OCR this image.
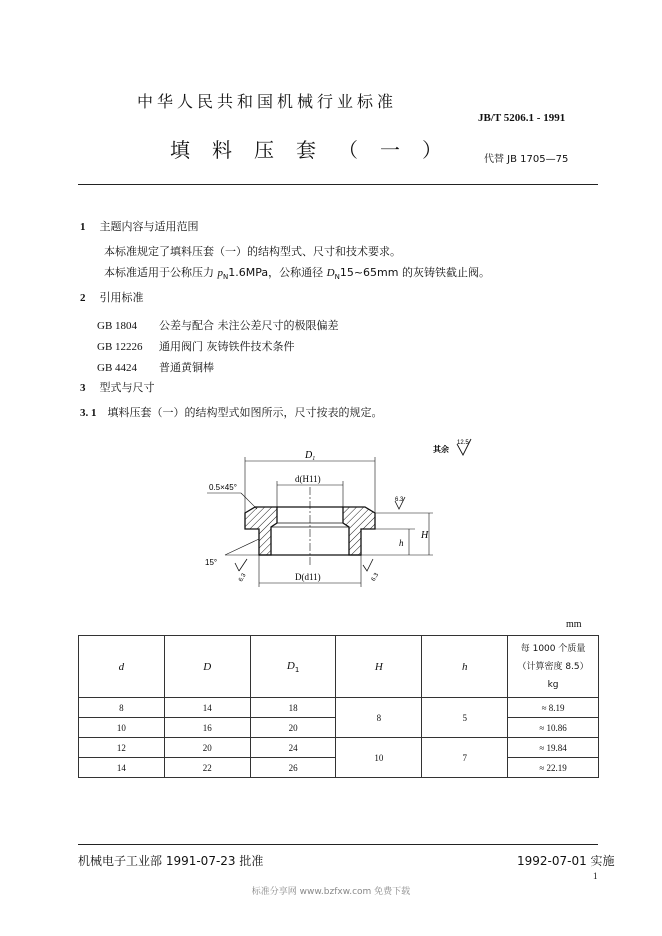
中华人民共和国机械行业标准
JB/T 5206.1 - 1991
填料压套（一） 代替 JB 1705—75
1 主题内容与适用范围
本标准规定了填料压套（一）的结构型式、尺寸和技术要求。
本标准适用于公称压力 $p_N1.6MPa$，公称通径 $D_N15\sim 65mm$ 的灰铸铁截止阀。
2 引用标准
GB 1804 公差与配合 未注公差尺寸的极限偏差
GB 12226 通用阀门 灰铸铁件技术条件
GB 4424 普通黄铜棒
3 型式与尺寸
3. 1 填料压套（一）的结构型式如图所示，尺寸按表的规定。
$D_1$
d(H11)
D(d11)
H
h
0.5×45°
15°
6.3	6.3
6.3
其余
12.5
mm
d	D	$D_1$	H	h	每 1000 个质量
（计算密度 8.5）
kg

8	14	18	8	5	≈ 8.19
10	16	20			≈ 10.86
12	20	24	10	7	≈ 19.84
14	22	26			≈ 22.19
机械电子工业部 1991-07-23 批准	1992-07-01 实施
1
标准分享网 www.bzfxw.com 免费下载
